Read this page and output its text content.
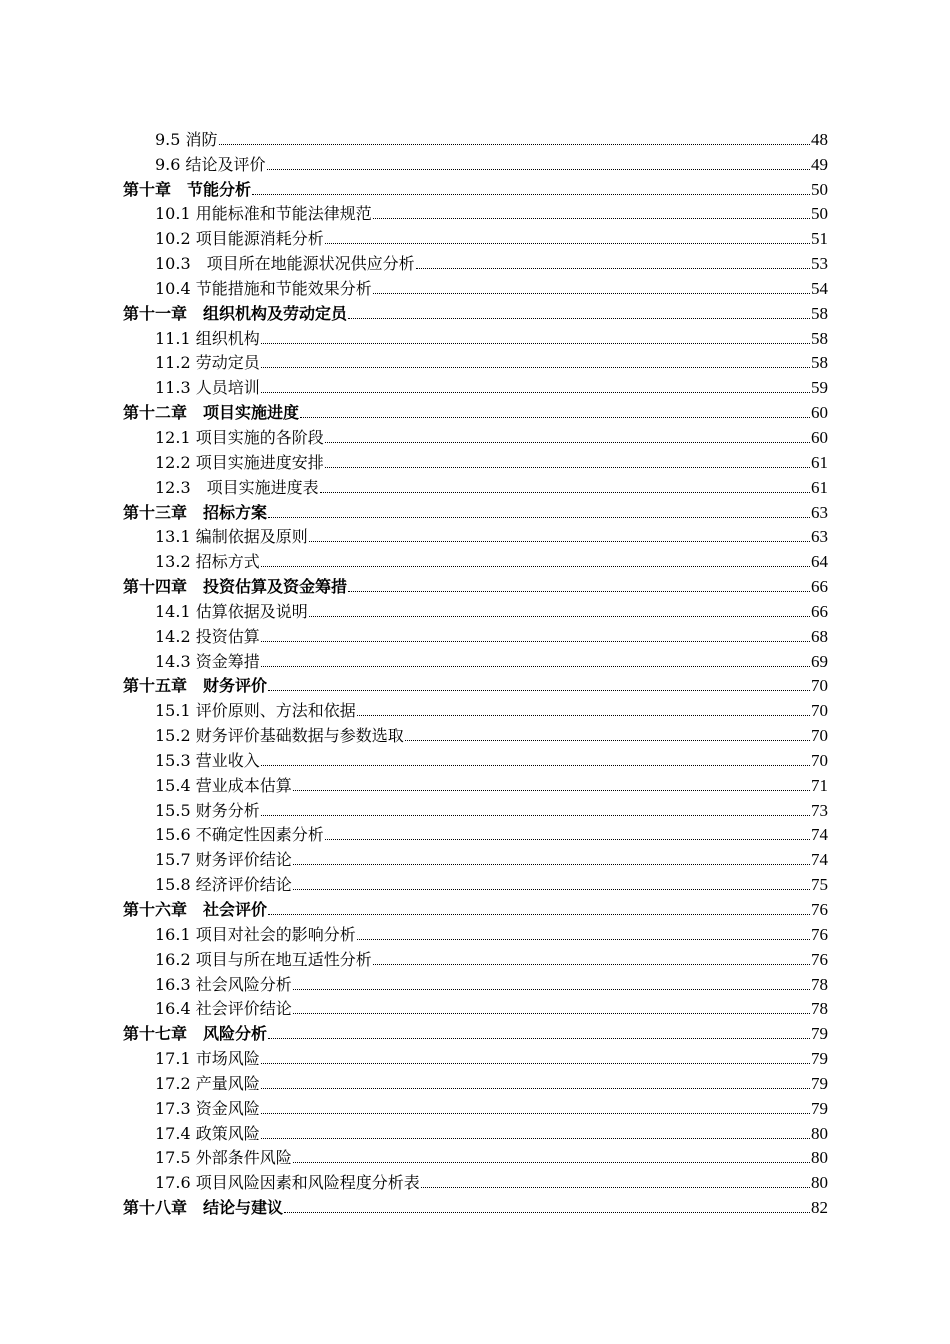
9.5 消防	48
9.6 结论及评价	49
第十章　节能分析	50
10.1 用能标准和节能法律规范	50
10.2 项目能源消耗分析	51
10.3　项目所在地能源状况供应分析	53
10.4 节能措施和节能效果分析	54
第十一章　组织机构及劳动定员	58
11.1 组织机构	58
11.2 劳动定员	58
11.3 人员培训	59
第十二章　项目实施进度	60
12.1 项目实施的各阶段	60
12.2 项目实施进度安排	61
12.3　项目实施进度表	61
第十三章　招标方案	63
13.1 编制依据及原则	63
13.2 招标方式	64
第十四章　投资估算及资金筹措	66
14.1 估算依据及说明	66
14.2 投资估算	68
14.3 资金筹措	69
第十五章　财务评价	70
15.1 评价原则、方法和依据	70
15.2 财务评价基础数据与参数选取	70
15.3 营业收入	70
15.4 营业成本估算	71
15.5 财务分析	73
15.6 不确定性因素分析	74
15.7 财务评价结论	74
15.8 经济评价结论	75
第十六章　社会评价	76
16.1 项目对社会的影响分析	76
16.2 项目与所在地互适性分析	76
16.3 社会风险分析	78
16.4 社会评价结论	78
第十七章　风险分析	79
17.1 市场风险	79
17.2 产量风险	79
17.3 资金风险	79
17.4 政策风险	80
17.5 外部条件风险	80
17.6 项目风险因素和风险程度分析表	80
第十八章　结论与建议	82
